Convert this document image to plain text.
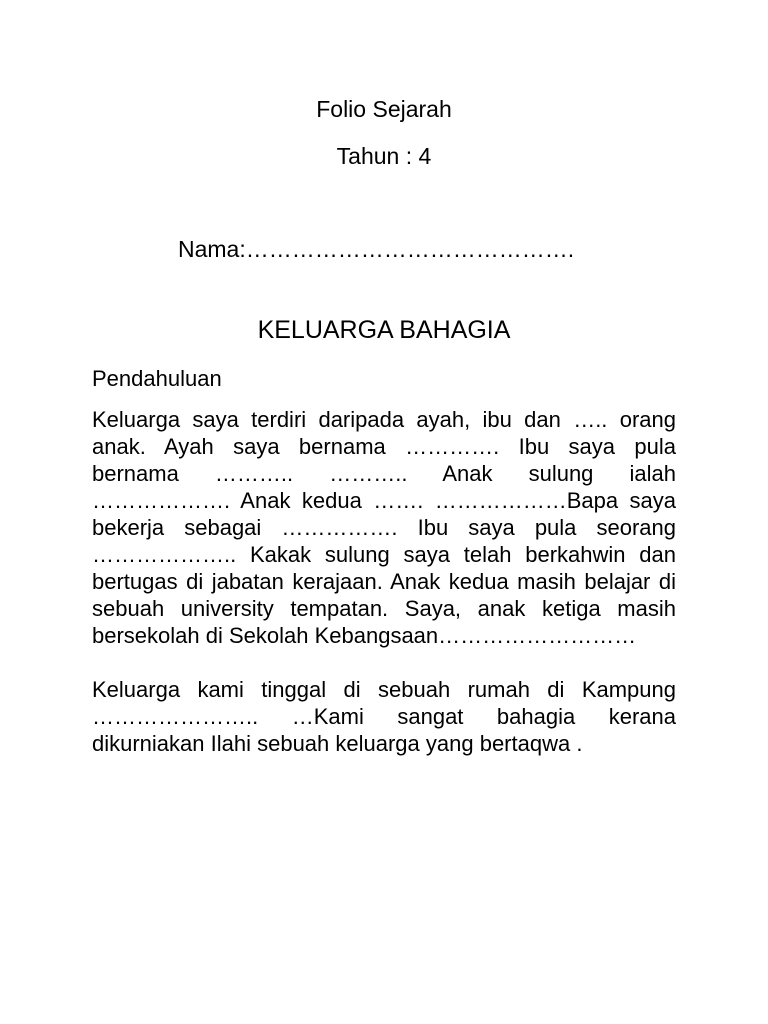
Folio Sejarah
Tahun : 4
Nama:…………………………………….
KELUARGA BAHAGIA
Pendahuluan
Keluarga saya terdiri daripada ayah, ibu dan ….. orang
anak. Ayah saya bernama …………. Ibu saya pula
bernama ……….. ……….. Anak sulung ialah
………………. Anak kedua ……. ………………Bapa saya
bekerja sebagai ……………. Ibu saya pula seorang
……………….. Kakak sulung saya telah berkahwin dan
bertugas di jabatan kerajaan. Anak kedua masih belajar di
sebuah university tempatan. Saya, anak ketiga masih
bersekolah di Sekolah Kebangsaan………………………
Keluarga kami tinggal di sebuah rumah di Kampung
………………….. …Kami sangat bahagia kerana
dikurniakan Ilahi sebuah keluarga yang bertaqwa .
